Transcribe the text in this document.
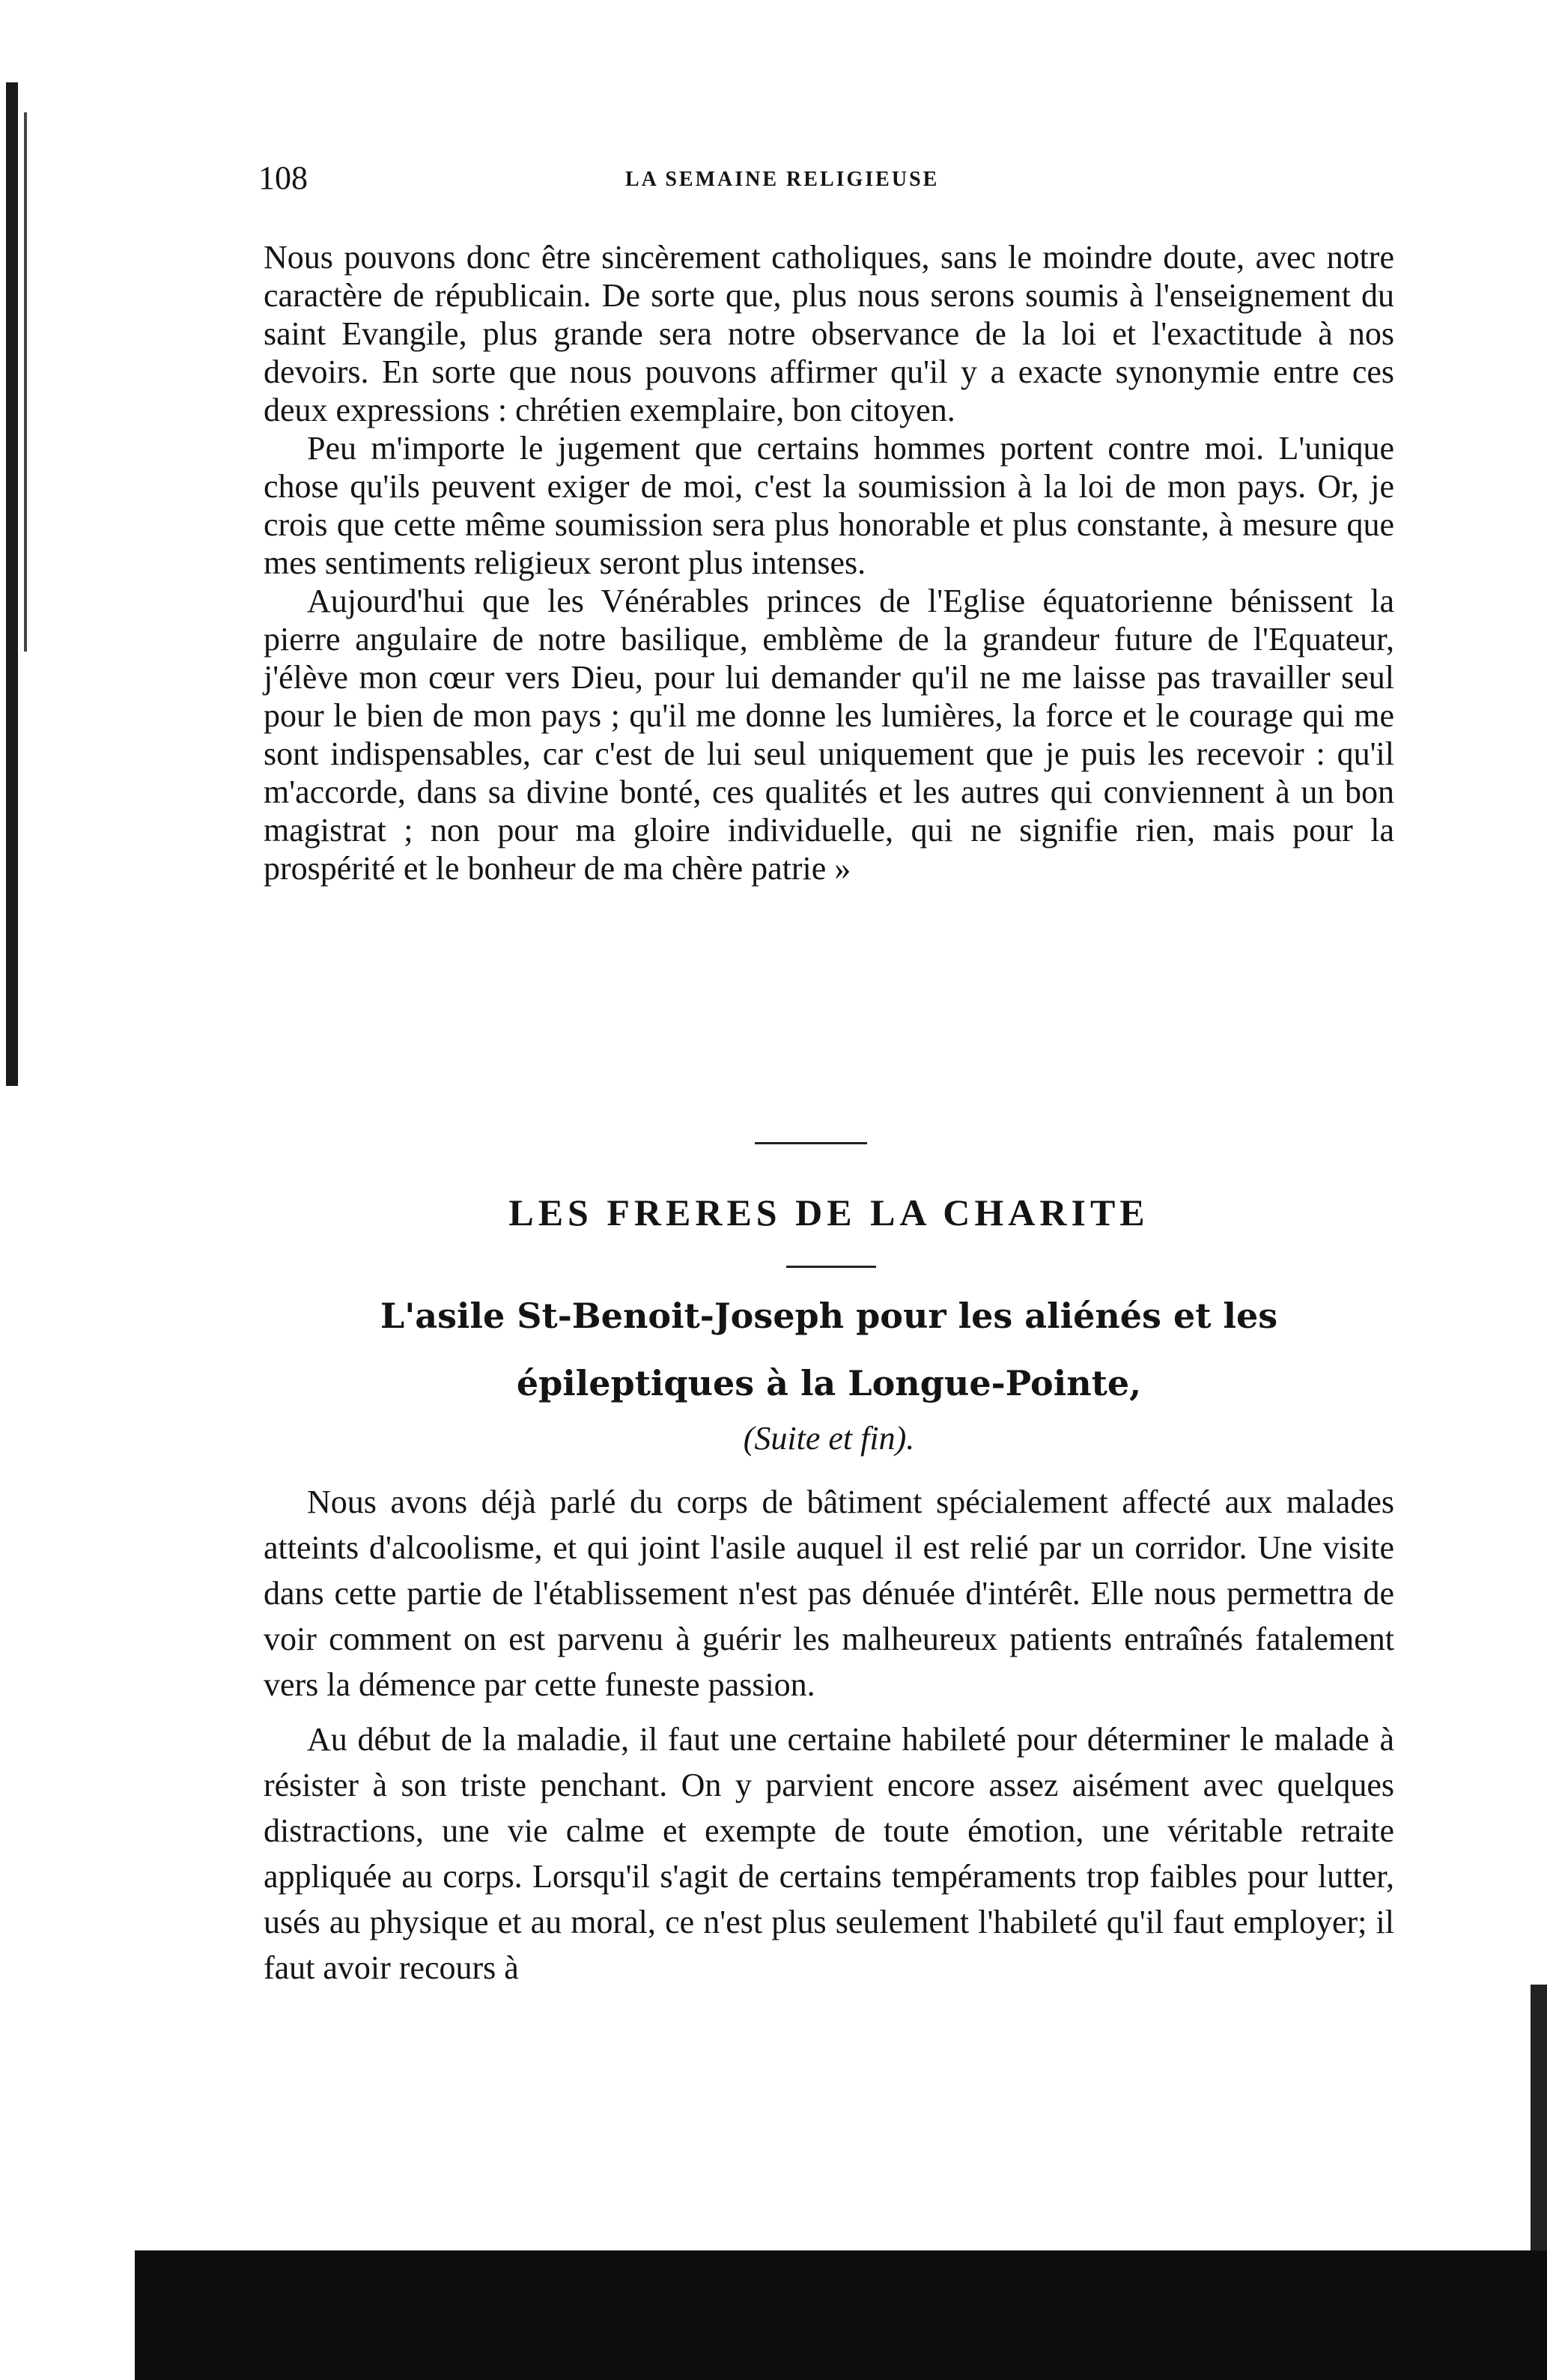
108	LA SEMAINE RELIGIEUSE

Nous pouvons donc être sincèrement catholiques, sans le moindre doute, avec notre caractère de républicain. De sorte que, plus nous serons soumis à l'enseignement du saint Evangile, plus grande sera notre observance de la loi et l'exactitude à nos devoirs. En sorte que nous pouvons affirmer qu'il y a exacte synonymie entre ces deux expressions : chrétien exemplaire, bon citoyen.

Peu m'importe le jugement que certains hommes portent contre moi. L'unique chose qu'ils peuvent exiger de moi, c'est la soumission à la loi de mon pays. Or, je crois que cette même soumission sera plus honorable et plus constante, à mesure que mes sentiments religieux seront plus intenses.

Aujourd'hui que les Vénérables princes de l'Eglise équatorienne bénissent la pierre angulaire de notre basilique, emblème de la grandeur future de l'Equateur, j'élève mon cœur vers Dieu, pour lui demander qu'il ne me laisse pas travailler seul pour le bien de mon pays ; qu'il me donne les lumières, la force et le courage qui me sont indispensables, car c'est de lui seul uniquement que je puis les recevoir : qu'il m'accorde, dans sa divine bonté, ces qualités et les autres qui conviennent à un bon magistrat ; non pour ma gloire individuelle, qui ne signifie rien, mais pour la prospérité et le bonheur de ma chère patrie »

LES FRERES DE LA CHARITE
L'asile St-Benoit-Joseph pour les aliénés et les
épileptiques à la Longue-Pointe,
(Suite et fin).

Nous avons déjà parlé du corps de bâtiment spécialement affecté aux malades atteints d'alcoolisme, et qui joint l'asile auquel il est relié par un corridor. Une visite dans cette partie de l'établissement n'est pas dénuée d'intérêt. Elle nous permettra de voir comment on est parvenu à guérir les malheureux patients entraînés fatalement vers la démence par cette funeste passion.

Au début de la maladie, il faut une certaine habileté pour déterminer le malade à résister à son triste penchant. On y parvient encore assez aisément avec quelques distractions, une vie calme et exempte de toute émotion, une véritable retraite appliquée au corps. Lorsqu'il s'agit de certains tempéraments trop faibles pour lutter, usés au physique et au moral, ce n'est plus seulement l'habileté qu'il faut employer; il faut avoir recours à
